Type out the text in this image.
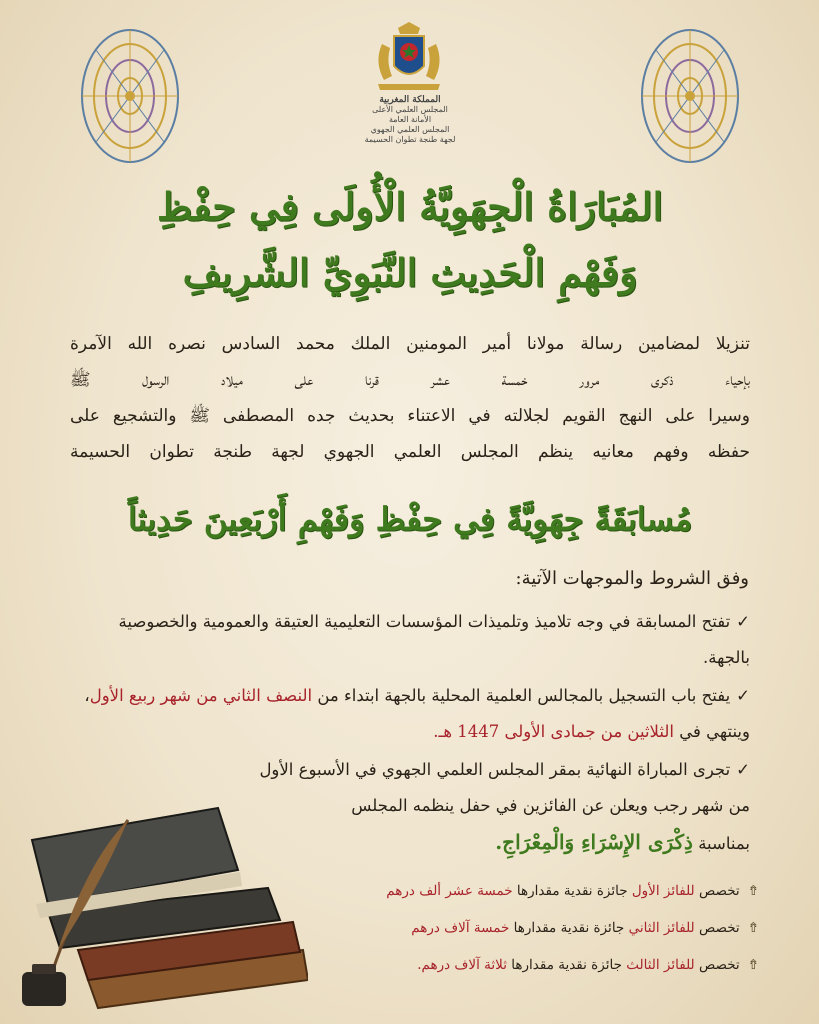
المملكة المغربية
المجلس العلمي الأعلى
الأمانة العامة
المجلس العلمي الجهوي
لجهة طنجة تطوان الحسيمة
المُبَارَاةُ الْجِهَوِيَّةُ الْأُولَى فِي حِفْظِ
وَفَهْمِ الْحَدِيثِ النَّبَوِيِّ الشَّرِيفِ

تنزيلا لمضامين رسالة مولانا أمير المومنين الملك محمد السادس نصره الله الآمرة

بإحياء ذكرى مرور خمسة عشر قرنا على ميلاد الرسول ﷺ

وسيرا على النهج القويم لجلالته في الاعتناء بحديث جده المصطفى ﷺ والتشجيع على

حفظه وفهم معانيه ينظم المجلس العلمي الجهوي لجهة طنجة تطوان الحسيمة

مُسابَقَةً جِهَوِيَّةً فِي حِفْظِ وَفَهْمِ أَرْبَعِينَ حَدِيثاً
وفق الشروط والموجهات الآتية:
✓تفتح المسابقة في وجه تلاميذ وتلميذات المؤسسات التعليمية العتيقة والعمومية والخصوصية بالجهة.
✓يفتح باب التسجيل بالمجالس العلمية المحلية بالجهة ابتداء من النصف الثاني من شهر ربيع الأول، وينتهي في الثلاثين من جمادى الأولى 1447 هـ.
✓تجرى المباراة النهائية بمقر المجلس العلمي الجهوي في الأسبوع الأول
من شهر رجب ويعلن عن الفائزين في حفل ينظمه المجلس
بمناسبة ذِكْرَى الإِسْرَاءِ وَالْمِعْرَاجِ.
⇮تخصص للفائز الأول جائزة نقدية مقدارها خمسة عشر ألف درهم
⇮تخصص للفائز الثاني جائزة نقدية مقدارها خمسة آلاف درهم
⇮تخصص للفائز الثالث جائزة نقدية مقدارها ثلاثة آلاف درهم.
